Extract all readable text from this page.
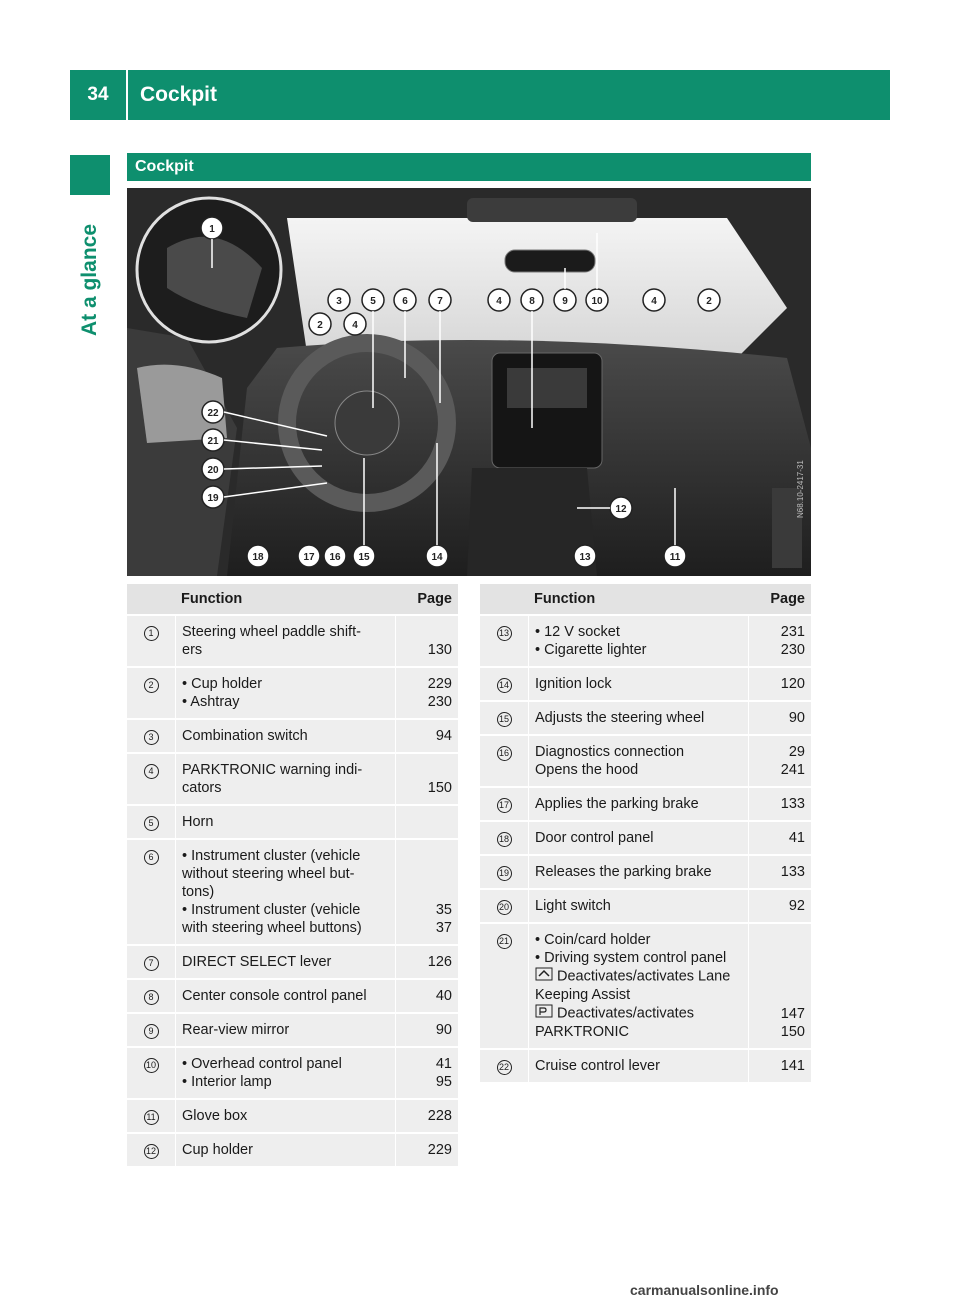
34	Cockpit
At a glance
Cockpit
1
2
3
4
5	6	7	4	8	9 10	4	2
22
21
20
19
12
18	17 16 15	14	13	11
N68.10-2417-31
	Function	Page
1	Steering wheel paddle shift-
ers	130

2	• Cup holder
• Ashtray	229
230

3	Combination switch	94

4	PARKTRONIC warning indi-
cators	150

5	Horn	

6	• Instrument cluster (vehicle without steering wheel but-
tons)
• Instrument cluster (vehicle with steering wheel buttons)	35
37

7	DIRECT SELECT lever	126

8	Center console control panel	40

9	Rear-view mirror	90

10	• Overhead control panel
• Interior lamp	41
95

11	Glove box	228

12	Cup holder	229
	Function	Page
13	• 12 V socket
• Cigarette lighter	231
230

14	Ignition lock	120

15	Adjusts the steering wheel	90

16	Diagnostics connection
Opens the hood	29
241

17	Applies the parking brake	133

18	Door control panel	41

19	Releases the parking brake	133

20	Light switch	92

21	• Coin/card holder
• Driving system control panel
Deactivates/activates Lane Keeping Assist
Deactivates/activates PARKTRONIC	147
150

22	Cruise control lever	141
carmanualsonline.info
